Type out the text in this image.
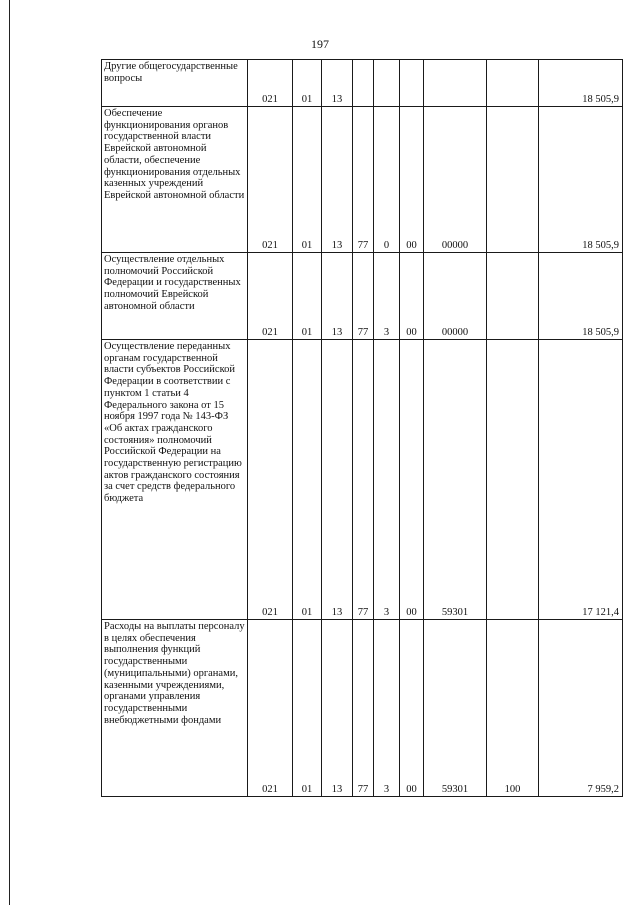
197
Другие общегосударственные вопросы	021	01	13						18 505,9
Обеспечение функционирования органов государственной власти Еврейской автономной области, обеспечение функционирования отдельных казенных учреждений Еврейской автономной области	021	01	13	77	0	00	00000		18 505,9
Осуществление отдельных полномочий Российской Федерации и государственных полномочий Еврейской автономной области	021	01	13	77	3	00	00000		18 505,9
Осуществление переданных органам государственной власти субъектов Российской Федерации в соответствии с пунктом 1 статьи 4 Федерального закона от 15 ноября 1997 года № 143-ФЗ «Об актах гражданского состояния» полномочий Российской Федерации на государственную регистрацию актов гражданского состояния за счет средств федерального бюджета	021	01	13	77	3	00	59301		17 121,4
Расходы на выплаты персоналу в целях обеспечения выполнения функций государственными (муниципальными) органами, казенными учреждениями, органами управления государственными внебюджетными фондами	021	01	13	77	3	00	59301	100	7 959,2
